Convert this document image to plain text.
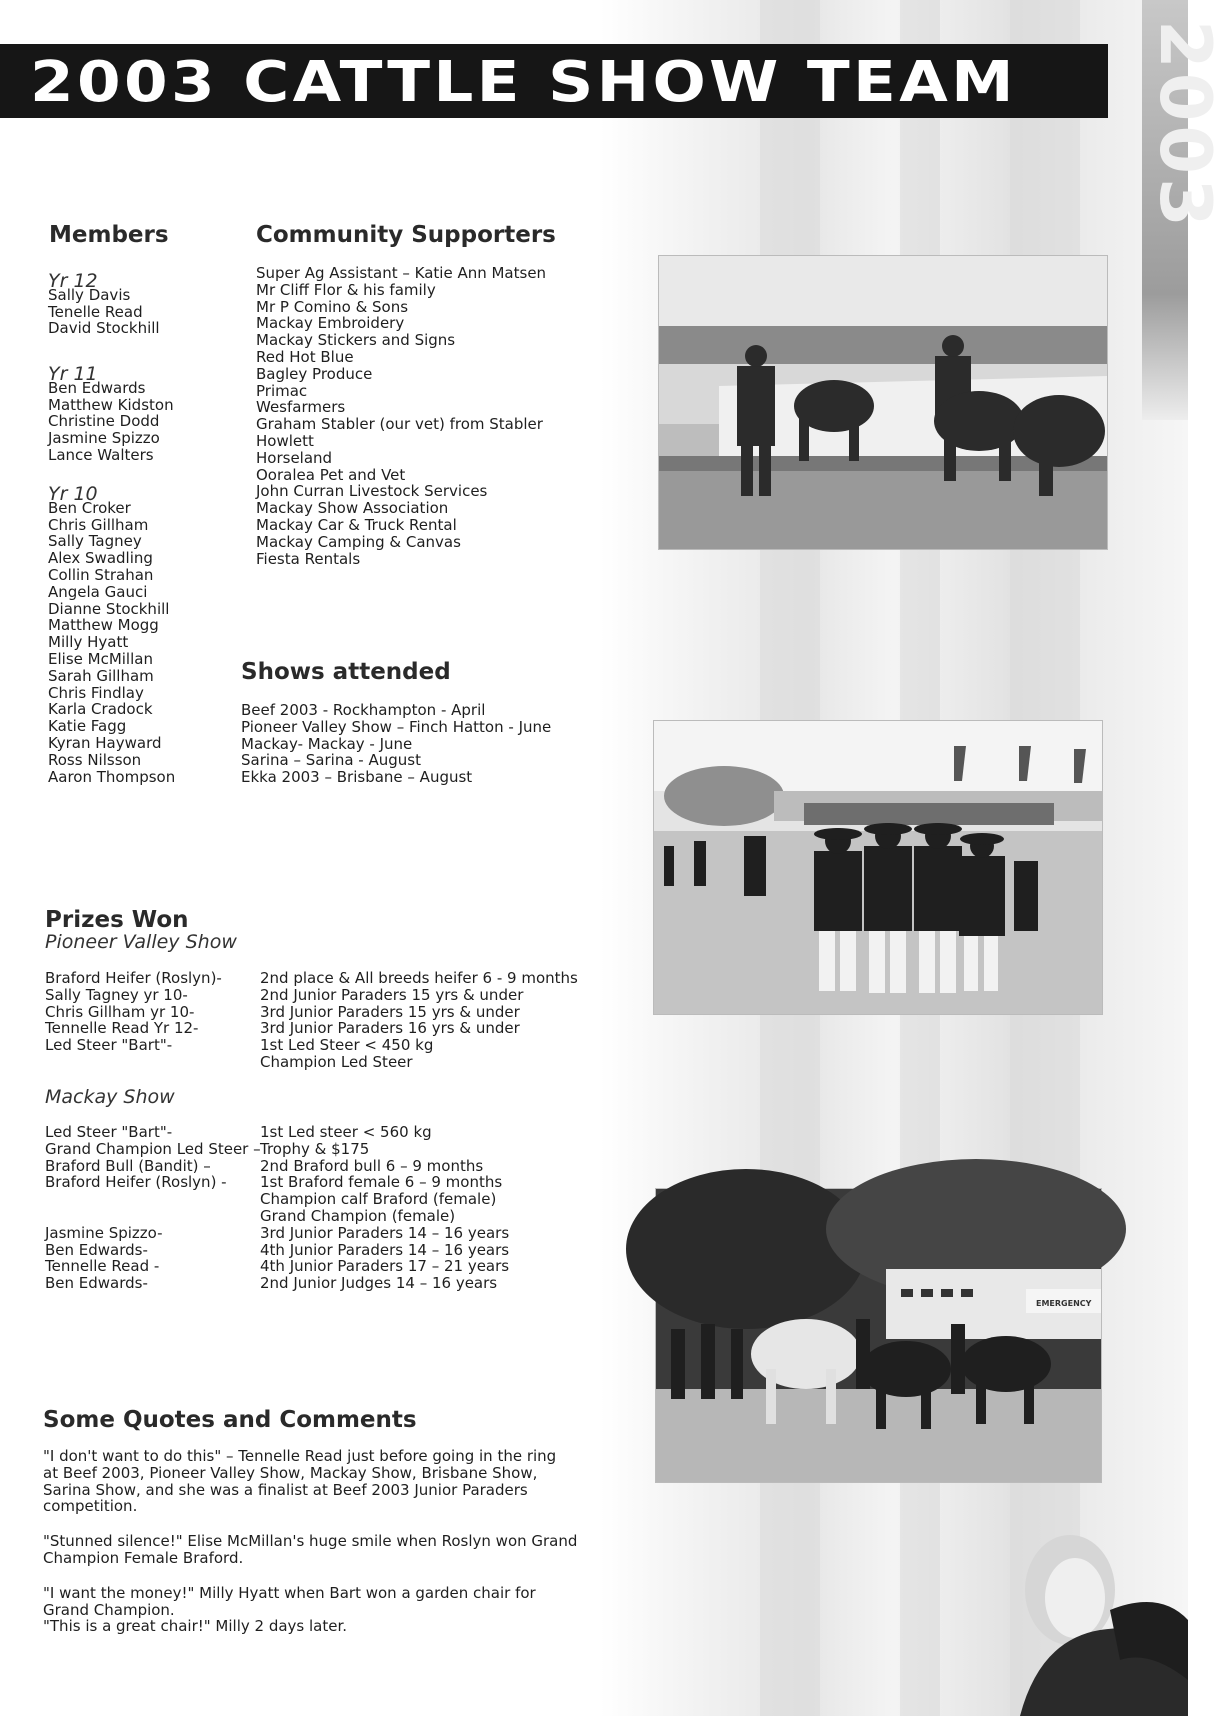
2003
2003 CATTLE SHOW TEAM
Members
Yr 12
Sally Davis
Tenelle Read
David Stockhill
Yr 11
Ben Edwards
Matthew Kidston
Christine Dodd
Jasmine Spizzo
Lance Walters
Yr 10
Ben Croker
Chris Gillham
Sally Tagney
Alex Swadling
Collin Strahan
Angela Gauci
Dianne Stockhill
Matthew Mogg
Milly Hyatt
Elise McMillan
Sarah Gillham
Chris Findlay
Karla Cradock
Katie Fagg
Kyran Hayward
Ross Nilsson
Aaron Thompson
Community Supporters
Super Ag Assistant – Katie Ann Matsen
Mr Cliff Flor & his family
Mr P Comino & Sons
Mackay Embroidery
Mackay Stickers and Signs
Red Hot Blue
Bagley Produce
Primac
Wesfarmers
Graham Stabler (our vet) from Stabler
Howlett
Horseland
Ooralea Pet and Vet
John Curran Livestock Services
Mackay Show Association
Mackay Car & Truck Rental
Mackay Camping & Canvas
Fiesta Rentals
Shows attended
Beef 2003 - Rockhampton - April
Pioneer Valley Show – Finch Hatton - June
Mackay- Mackay - June
Sarina – Sarina - August
Ekka 2003 – Brisbane – August
Prizes Won
Pioneer Valley Show
Braford Heifer (Roslyn)-
Sally Tagney yr 10-
Chris Gillham yr 10-
Tennelle Read Yr 12-
Led Steer "Bart"-
2nd place & All breeds heifer 6 - 9 months
2nd Junior Paraders 15 yrs & under
3rd Junior Paraders 15 yrs & under
3rd Junior Paraders 16 yrs & under
1st Led Steer < 450 kg
Champion Led Steer
Mackay Show
Led Steer "Bart"-
Grand Champion Led Steer –
Braford Bull (Bandit) –
Braford Heifer (Roslyn) -
Jasmine Spizzo-
Ben Edwards-
Tennelle Read -
Ben Edwards-
1st Led steer < 560 kg
Trophy & $175
2nd Braford bull 6 – 9 months
1st Braford female 6 – 9 months
Champion calf Braford (female)
Grand Champion (female)
3rd Junior Paraders 14 – 16 years
4th Junior Paraders 14 – 16 years
4th Junior Paraders 17 – 21 years
2nd Junior Judges 14 – 16 years
Some Quotes and Comments

"I don't want to do this" – Tennelle Read just before going in the ring
at Beef 2003, Pioneer Valley Show, Mackay Show, Brisbane Show,
Sarina Show, and she was a finalist at Beef 2003 Junior Paraders
competition.

"Stunned silence!" Elise McMillan's huge smile when Roslyn won Grand
Champion Female Braford.

"I want the money!" Milly Hyatt when Bart won a garden chair for
Grand Champion.
"This is a great chair!" Milly 2 days later.

EMERGENCY
